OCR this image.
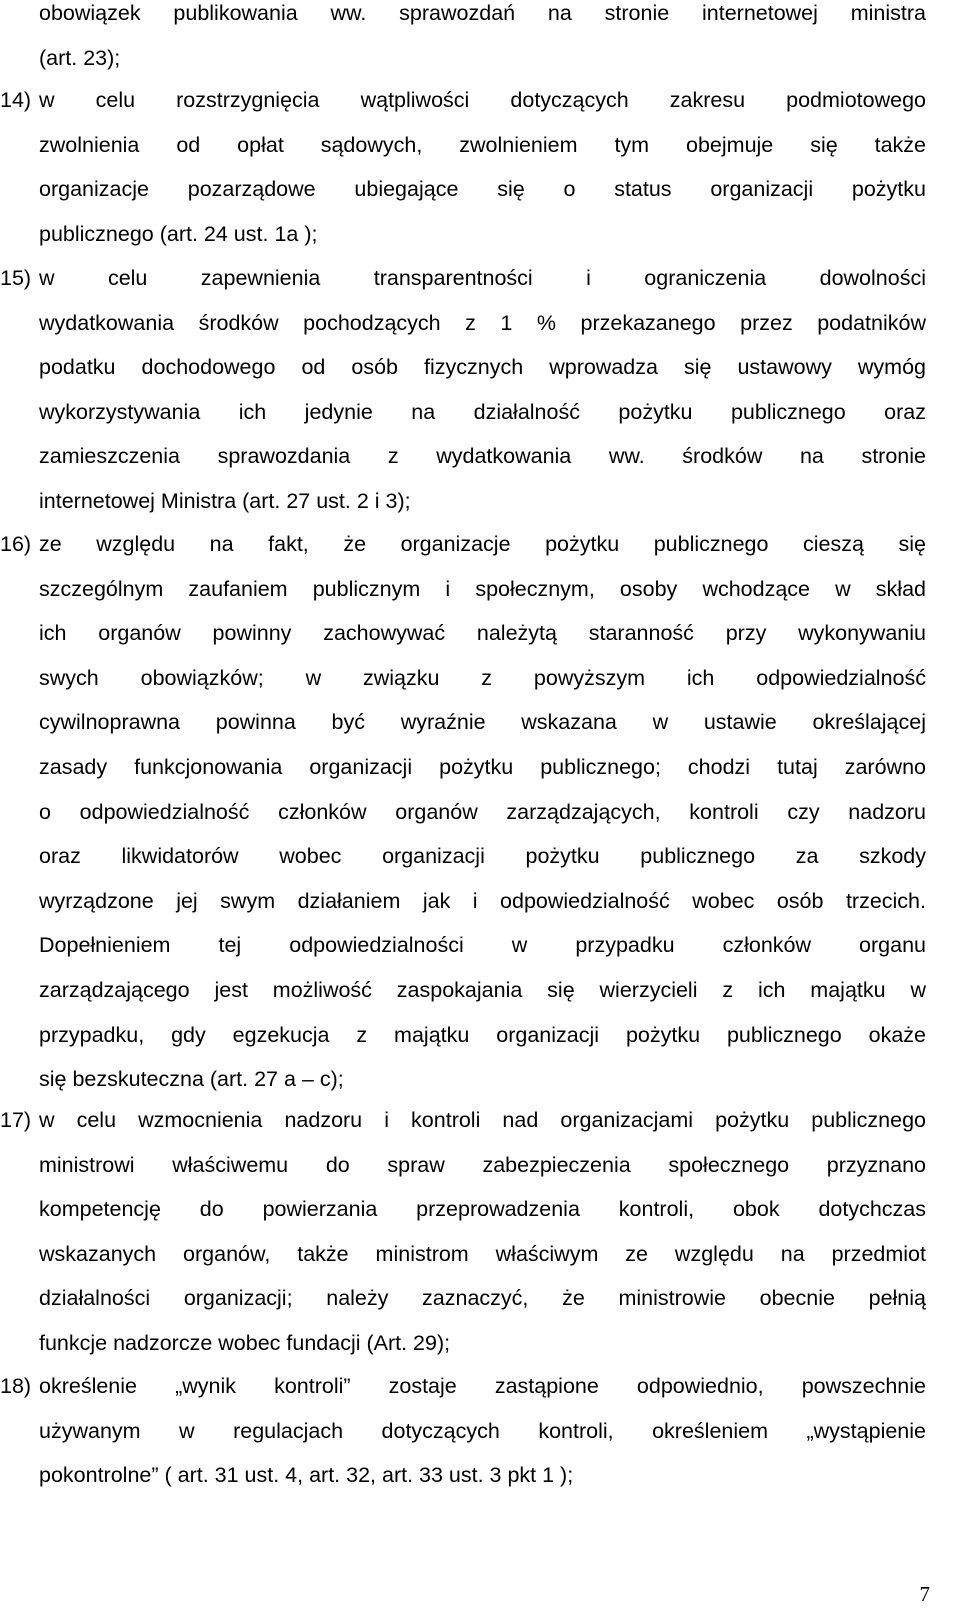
obowiązek publikowania ww. sprawozdań na stronie internetowej ministra
(art. 23);
14) w celu rozstrzygnięcia wątpliwości dotyczących zakresu podmiotowego
zwolnienia od opłat sądowych, zwolnieniem tym obejmuje się także
organizacje pozarządowe ubiegające się o status organizacji pożytku
publicznego (art. 24 ust. 1a );
15) w celu zapewnienia transparentności i ograniczenia dowolności
wydatkowania środków pochodzących z 1 % przekazanego przez podatników
podatku dochodowego od osób fizycznych wprowadza się ustawowy wymóg
wykorzystywania ich jedynie na działalność pożytku publicznego oraz
zamieszczenia sprawozdania z wydatkowania ww. środków na stronie
internetowej Ministra (art. 27 ust. 2 i 3);
16) ze względu na fakt, że organizacje pożytku publicznego cieszą się
szczególnym zaufaniem publicznym i społecznym, osoby wchodzące w skład
ich organów powinny zachowywać należytą staranność przy wykonywaniu
swych obowiązków; w związku z powyższym ich odpowiedzialność
cywilnoprawna powinna być wyraźnie wskazana w ustawie określającej
zasady funkcjonowania organizacji pożytku publicznego; chodzi tutaj zarówno
o odpowiedzialność członków organów zarządzających, kontroli czy nadzoru
oraz likwidatorów wobec organizacji pożytku publicznego za szkody
wyrządzone jej swym działaniem jak i odpowiedzialność wobec osób trzecich.
Dopełnieniem tej odpowiedzialności w przypadku członków organu
zarządzającego jest możliwość zaspokajania się wierzycieli z ich majątku w
przypadku, gdy egzekucja z majątku organizacji pożytku publicznego okaże
się bezskuteczna (art. 27 a – c);
17) w celu wzmocnienia nadzoru i kontroli nad organizacjami pożytku publicznego
ministrowi właściwemu do spraw zabezpieczenia społecznego przyznano
kompetencję do powierzania przeprowadzenia kontroli, obok dotychczas
wskazanych organów, także ministrom właściwym ze względu na przedmiot
działalności organizacji; należy zaznaczyć, że ministrowie obecnie pełnią
funkcje nadzorcze wobec fundacji (Art. 29);
18) określenie „wynik kontroli” zostaje zastąpione odpowiednio, powszechnie
używanym w regulacjach dotyczących kontroli, określeniem „wystąpienie
pokontrolne” ( art. 31 ust. 4, art. 32, art. 33 ust. 3 pkt 1 );
7
